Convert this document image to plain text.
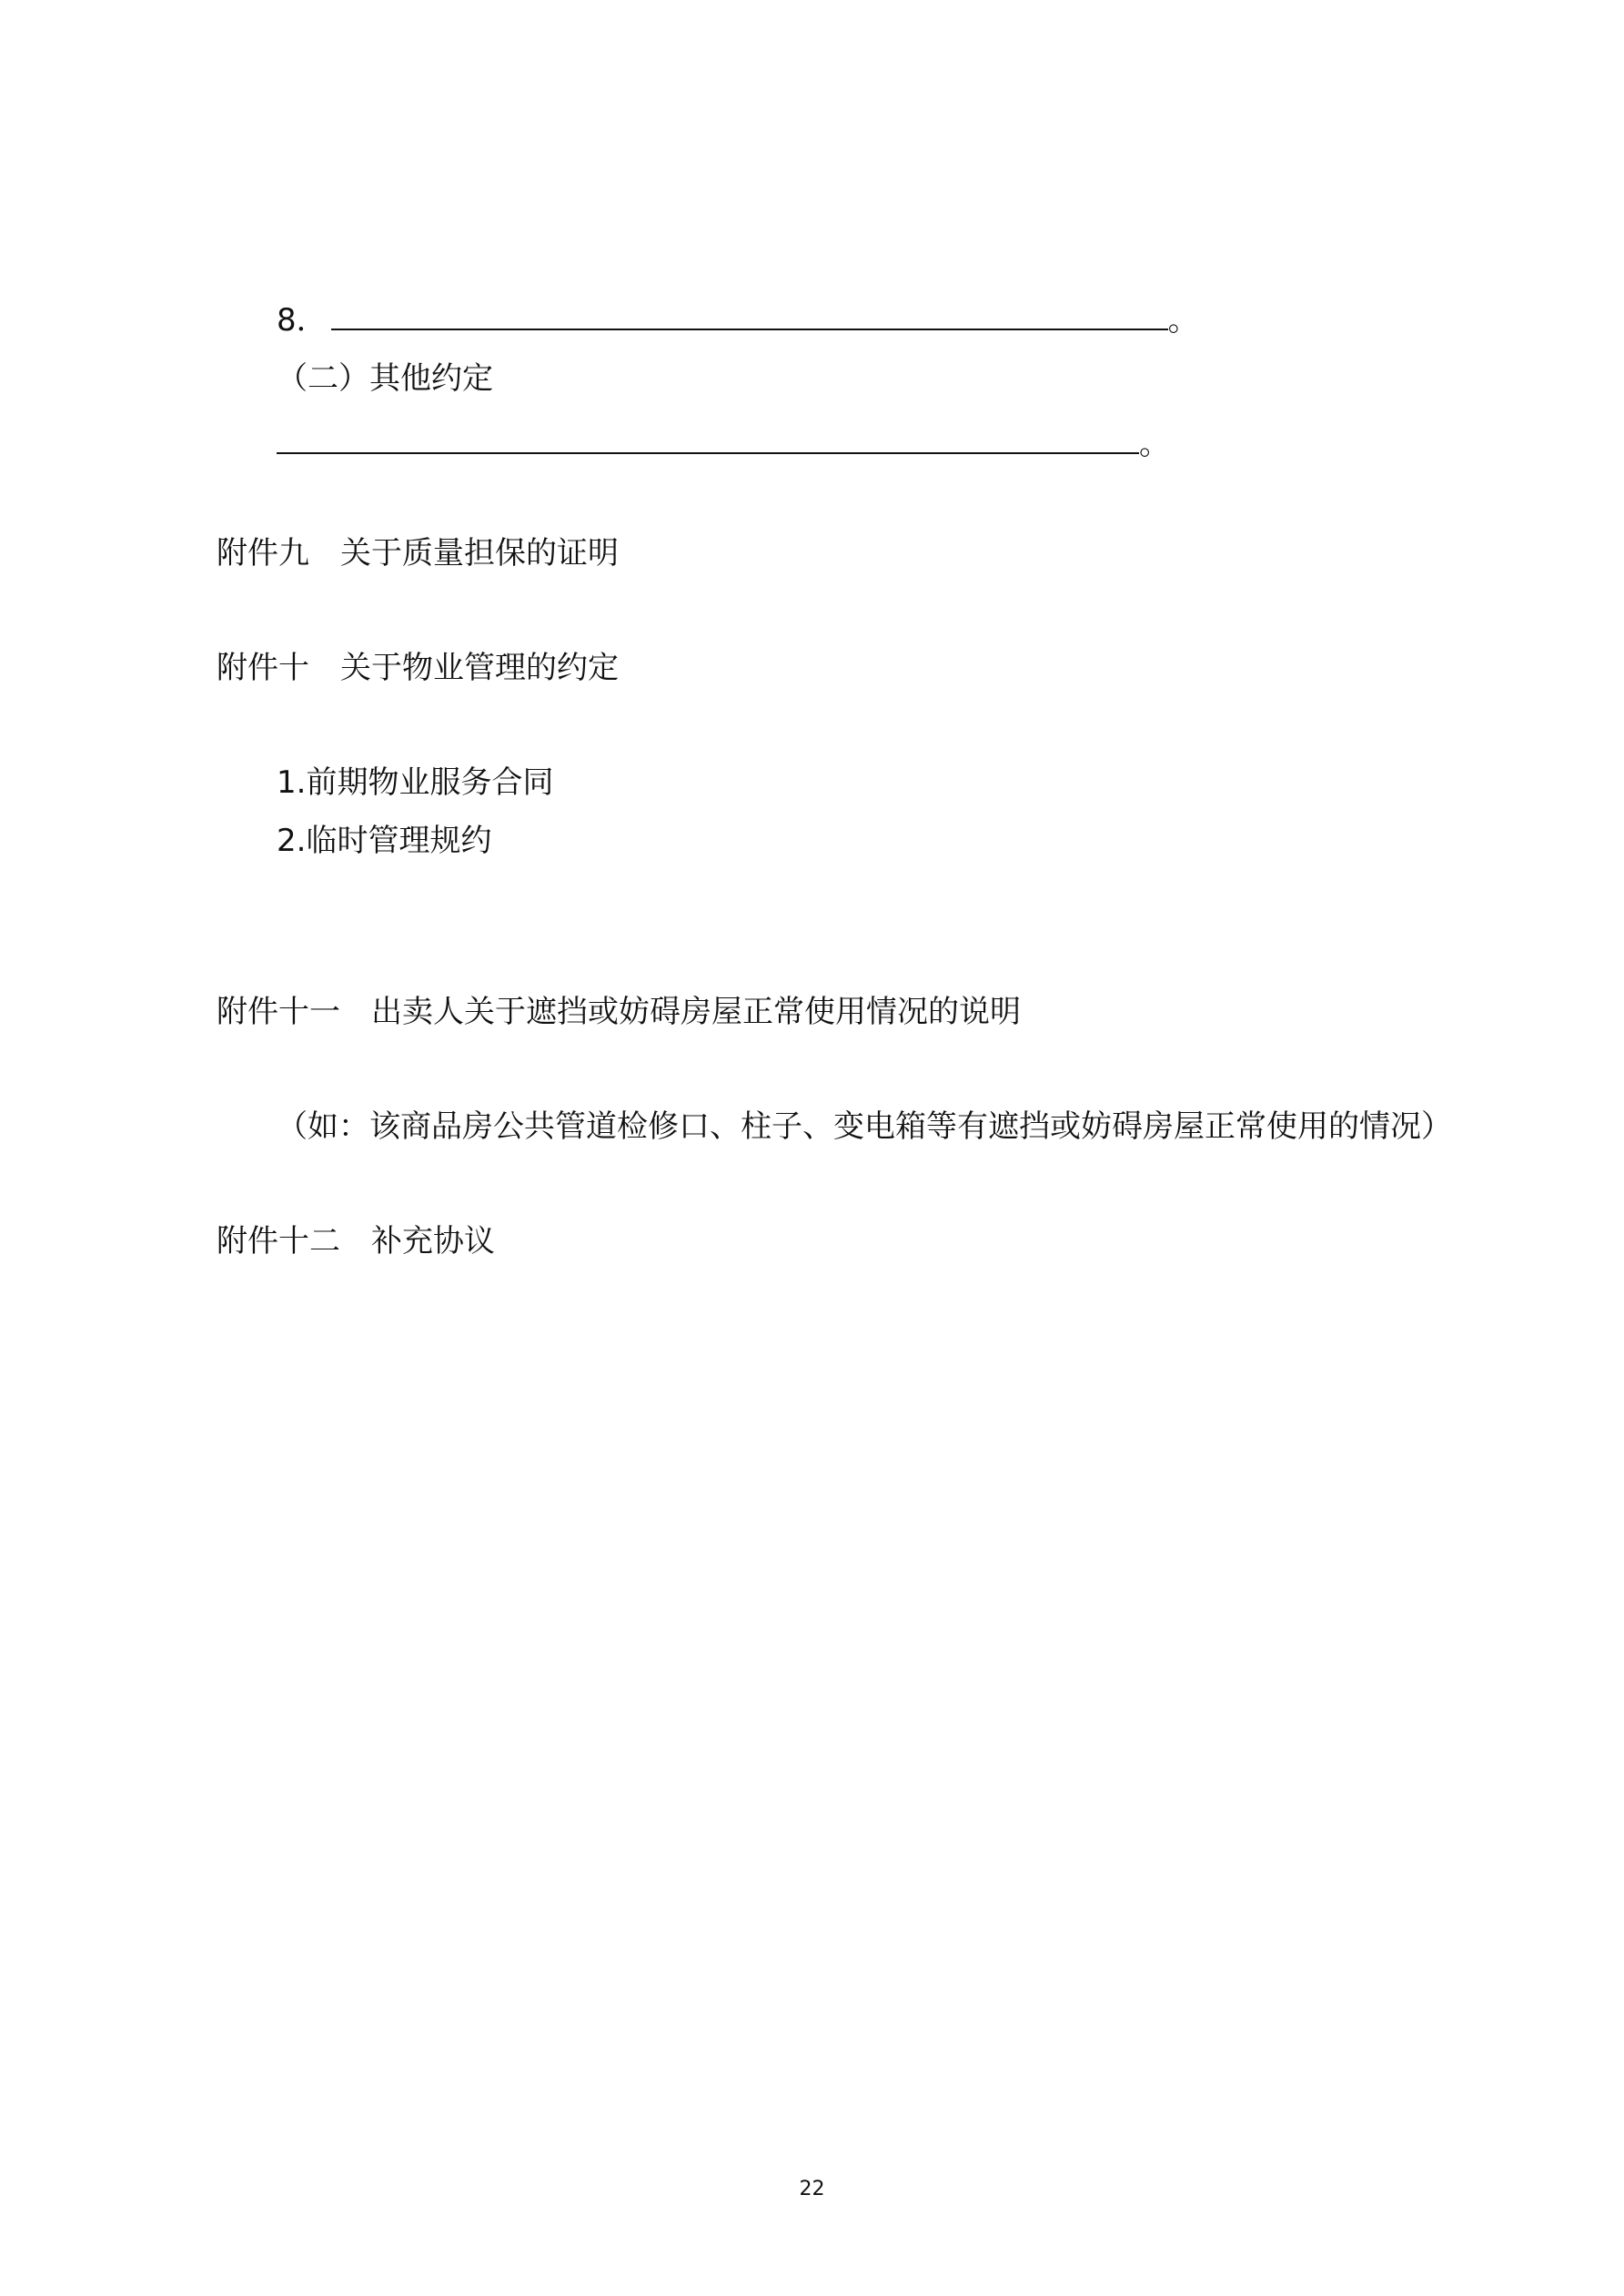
8．	。
（二）其他约定
。
附件九 关于质量担保的证明
附件十 关于物业管理的约定
1.前期物业服务合同
2.临时管理规约
附件十一 出卖人关于遮挡或妨碍房屋正常使用情况的说明
（如：该商品房公共管道检修口、柱子、变电箱等有遮挡或妨碍房屋正常使用的情况）
附件十二 补充协议
22
